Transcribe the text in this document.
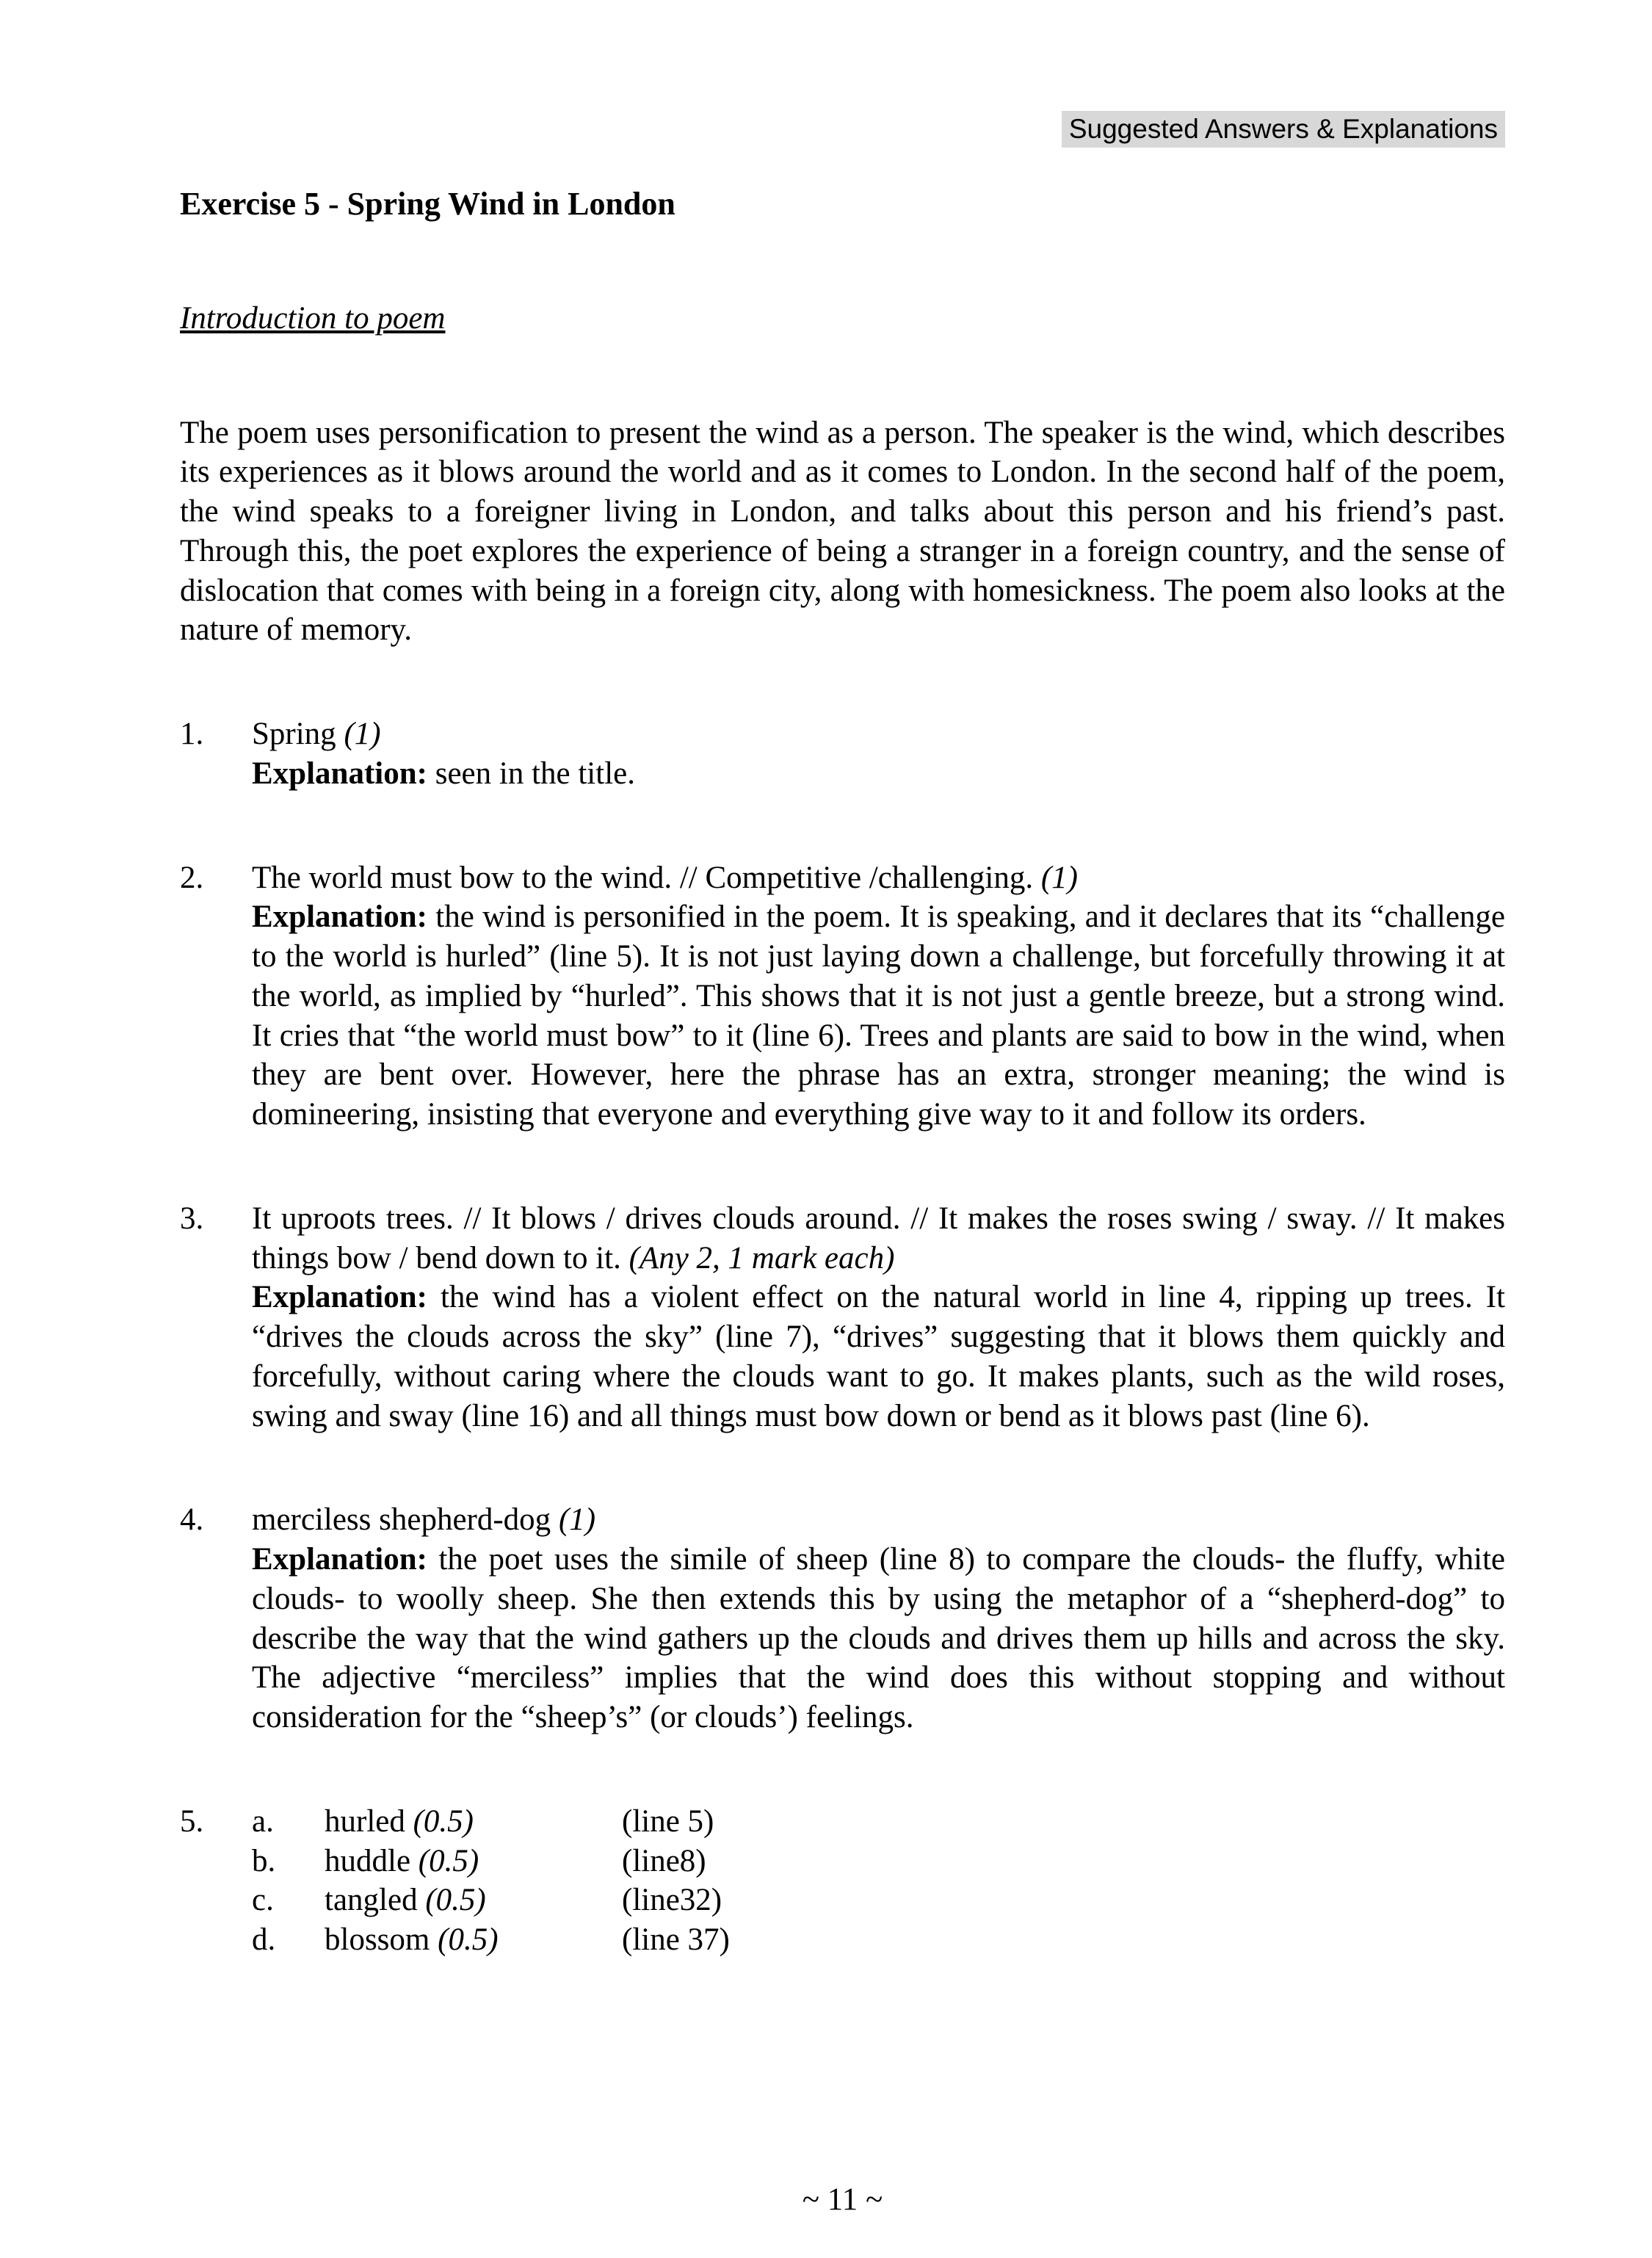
Suggested Answers & Explanations
Exercise 5 - Spring Wind in London
Introduction to poem

The poem uses personification to present the wind as a person. The speaker is the wind, which describes its experiences as it blows around the world and as it comes to London. In the second half of the poem, the wind speaks to a foreigner living in London, and talks about this person and his friend’s past. Through this, the poet explores the experience of being a stranger in a foreign country, and the sense of dislocation that comes with being in a foreign city, along with homesickness. The poem also looks at the nature of memory.

1.	Spring (1)

Explanation: seen in the title.

2.	The world must bow to the wind. // Competitive /challenging. (1)

Explanation: the wind is personified in the poem. It is speaking, and it declares that its “challenge to the world is hurled” (line 5). It is not just laying down a challenge, but forcefully throwing it at the world, as implied by “hurled”. This shows that it is not just a gentle breeze, but a strong wind. It cries that “the world must bow” to it (line 6). Trees and plants are said to bow in the wind, when they are bent over. However, here the phrase has an extra, stronger meaning; the wind is domineering, insisting that everyone and everything give way to it and follow its orders.

3.	It uproots trees. // It blows / drives clouds around. // It makes the roses swing / sway. // It makes things bow / bend down to it. (Any 2, 1 mark each)

Explanation: the wind has a violent effect on the natural world in line 4, ripping up trees. It “drives the clouds across the sky” (line 7), “drives” suggesting that it blows them quickly and forcefully, without caring where the clouds want to go. It makes plants, such as the wild roses, swing and sway (line 16) and all things must bow down or bend as it blows past (line 6).

4.	merciless shepherd-dog (1)

Explanation: the poet uses the simile of sheep (line 8) to compare the clouds- the fluffy, white clouds- to woolly sheep. She then extends this by using the metaphor of a “shepherd-dog” to describe the way that the wind gathers up the clouds and drives them up hills and across the sky. The adjective “merciless” implies that the wind does this without stopping and without consideration for the “sheep’s” (or clouds’) feelings.

5.	a.	hurled (0.5)	(line 5)
b.	huddle (0.5)	(line8)
c.	tangled (0.5)	(line32)
d.	blossom (0.5)	(line 37)
~ 11 ~
